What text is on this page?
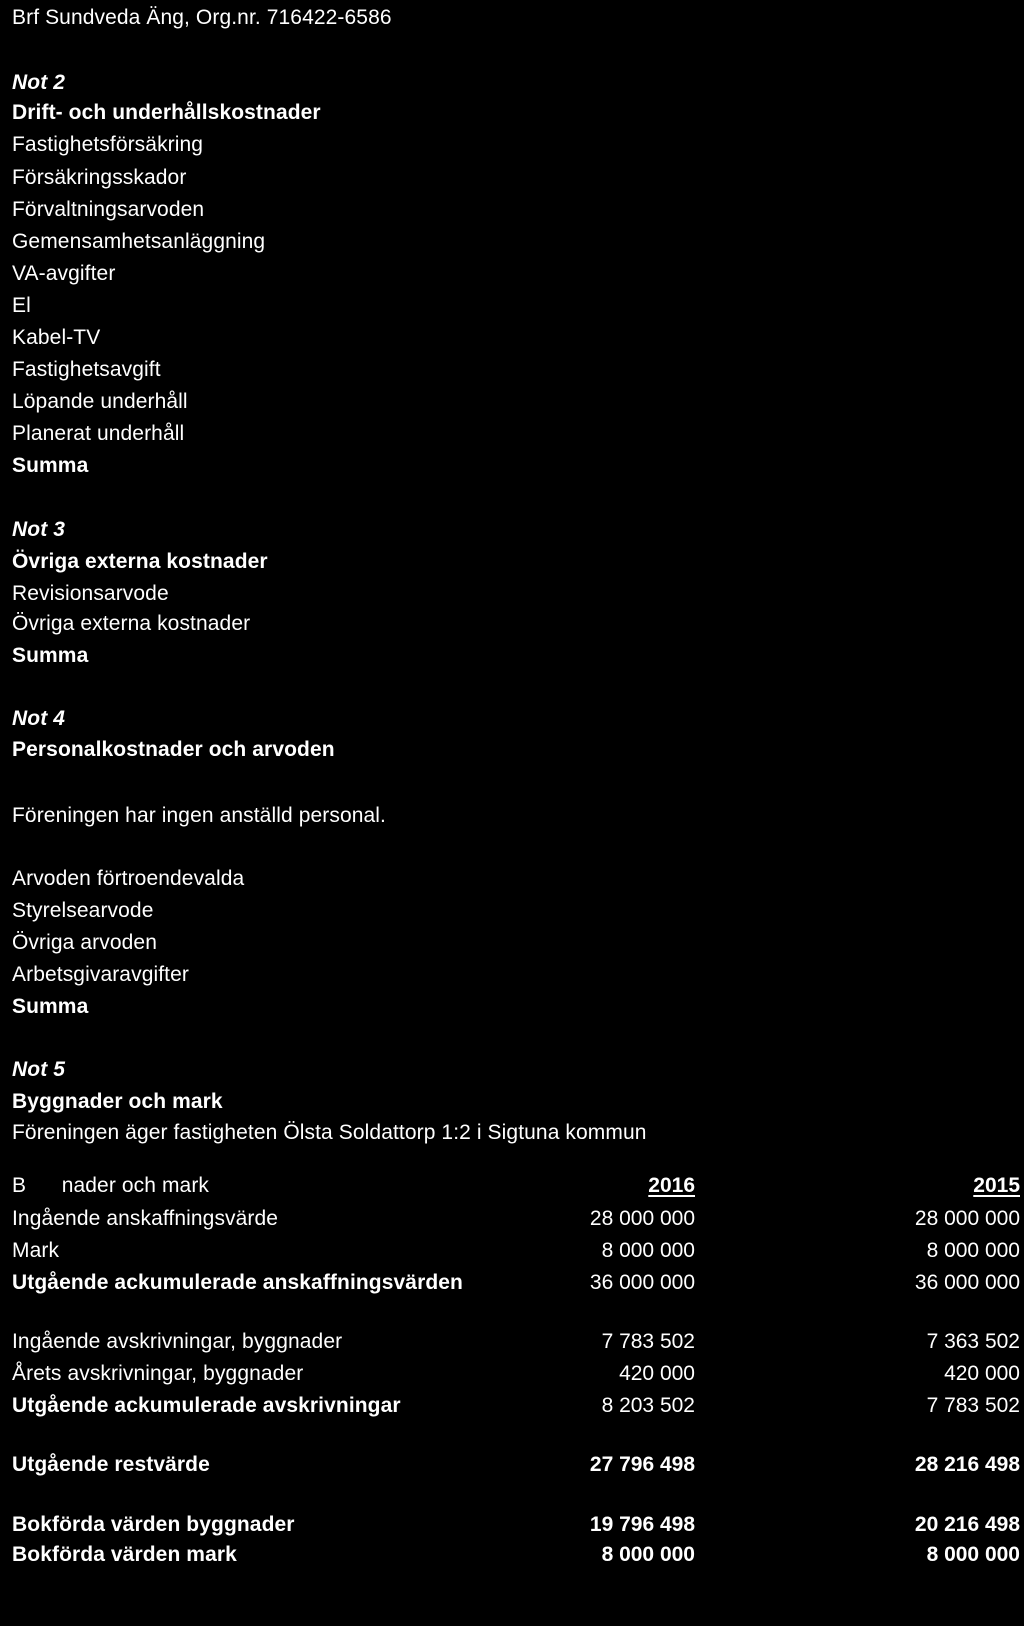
Brf Sundveda Äng, Org.nr. 716422-6586
Not 2
Drift- och underhållskostnader
Fastighetsförsäkring
Försäkringsskador
Förvaltningsarvoden
Gemensamhetsanläggning
VA-avgifter
El
Kabel-TV
Fastighetsavgift
Löpande underhåll
Planerat underhåll
Summa
Not 3
Övriga externa kostnader
Revisionsarvode
Övriga externa kostnader
Summa
Not 4
Personalkostnader och arvoden
Föreningen har ingen anställd personal.
Arvoden förtroendevalda
Styrelsearvode
Övriga arvoden
Arbetsgivaravgifter
Summa
Not 5
Byggnader och mark
Föreningen äger fastigheten Ölsta Soldattorp 1:2 i Sigtuna kommun
B      nader och mark	2016	2015
Ingående anskaffningsvärde	28 000 000	28 000 000
Mark	8 000 000	8 000 000
Utgående ackumulerade anskaffningsvärden	36 000 000	36 000 000
Ingående avskrivningar, byggnader	7 783 502	7 363 502
Årets avskrivningar, byggnader	420 000	420 000
Utgående ackumulerade avskrivningar	8 203 502	7 783 502
Utgående restvärde	27 796 498	28 216 498
Bokförda värden byggnader	19 796 498	20 216 498
Bokförda värden mark	8 000 000	8 000 000
